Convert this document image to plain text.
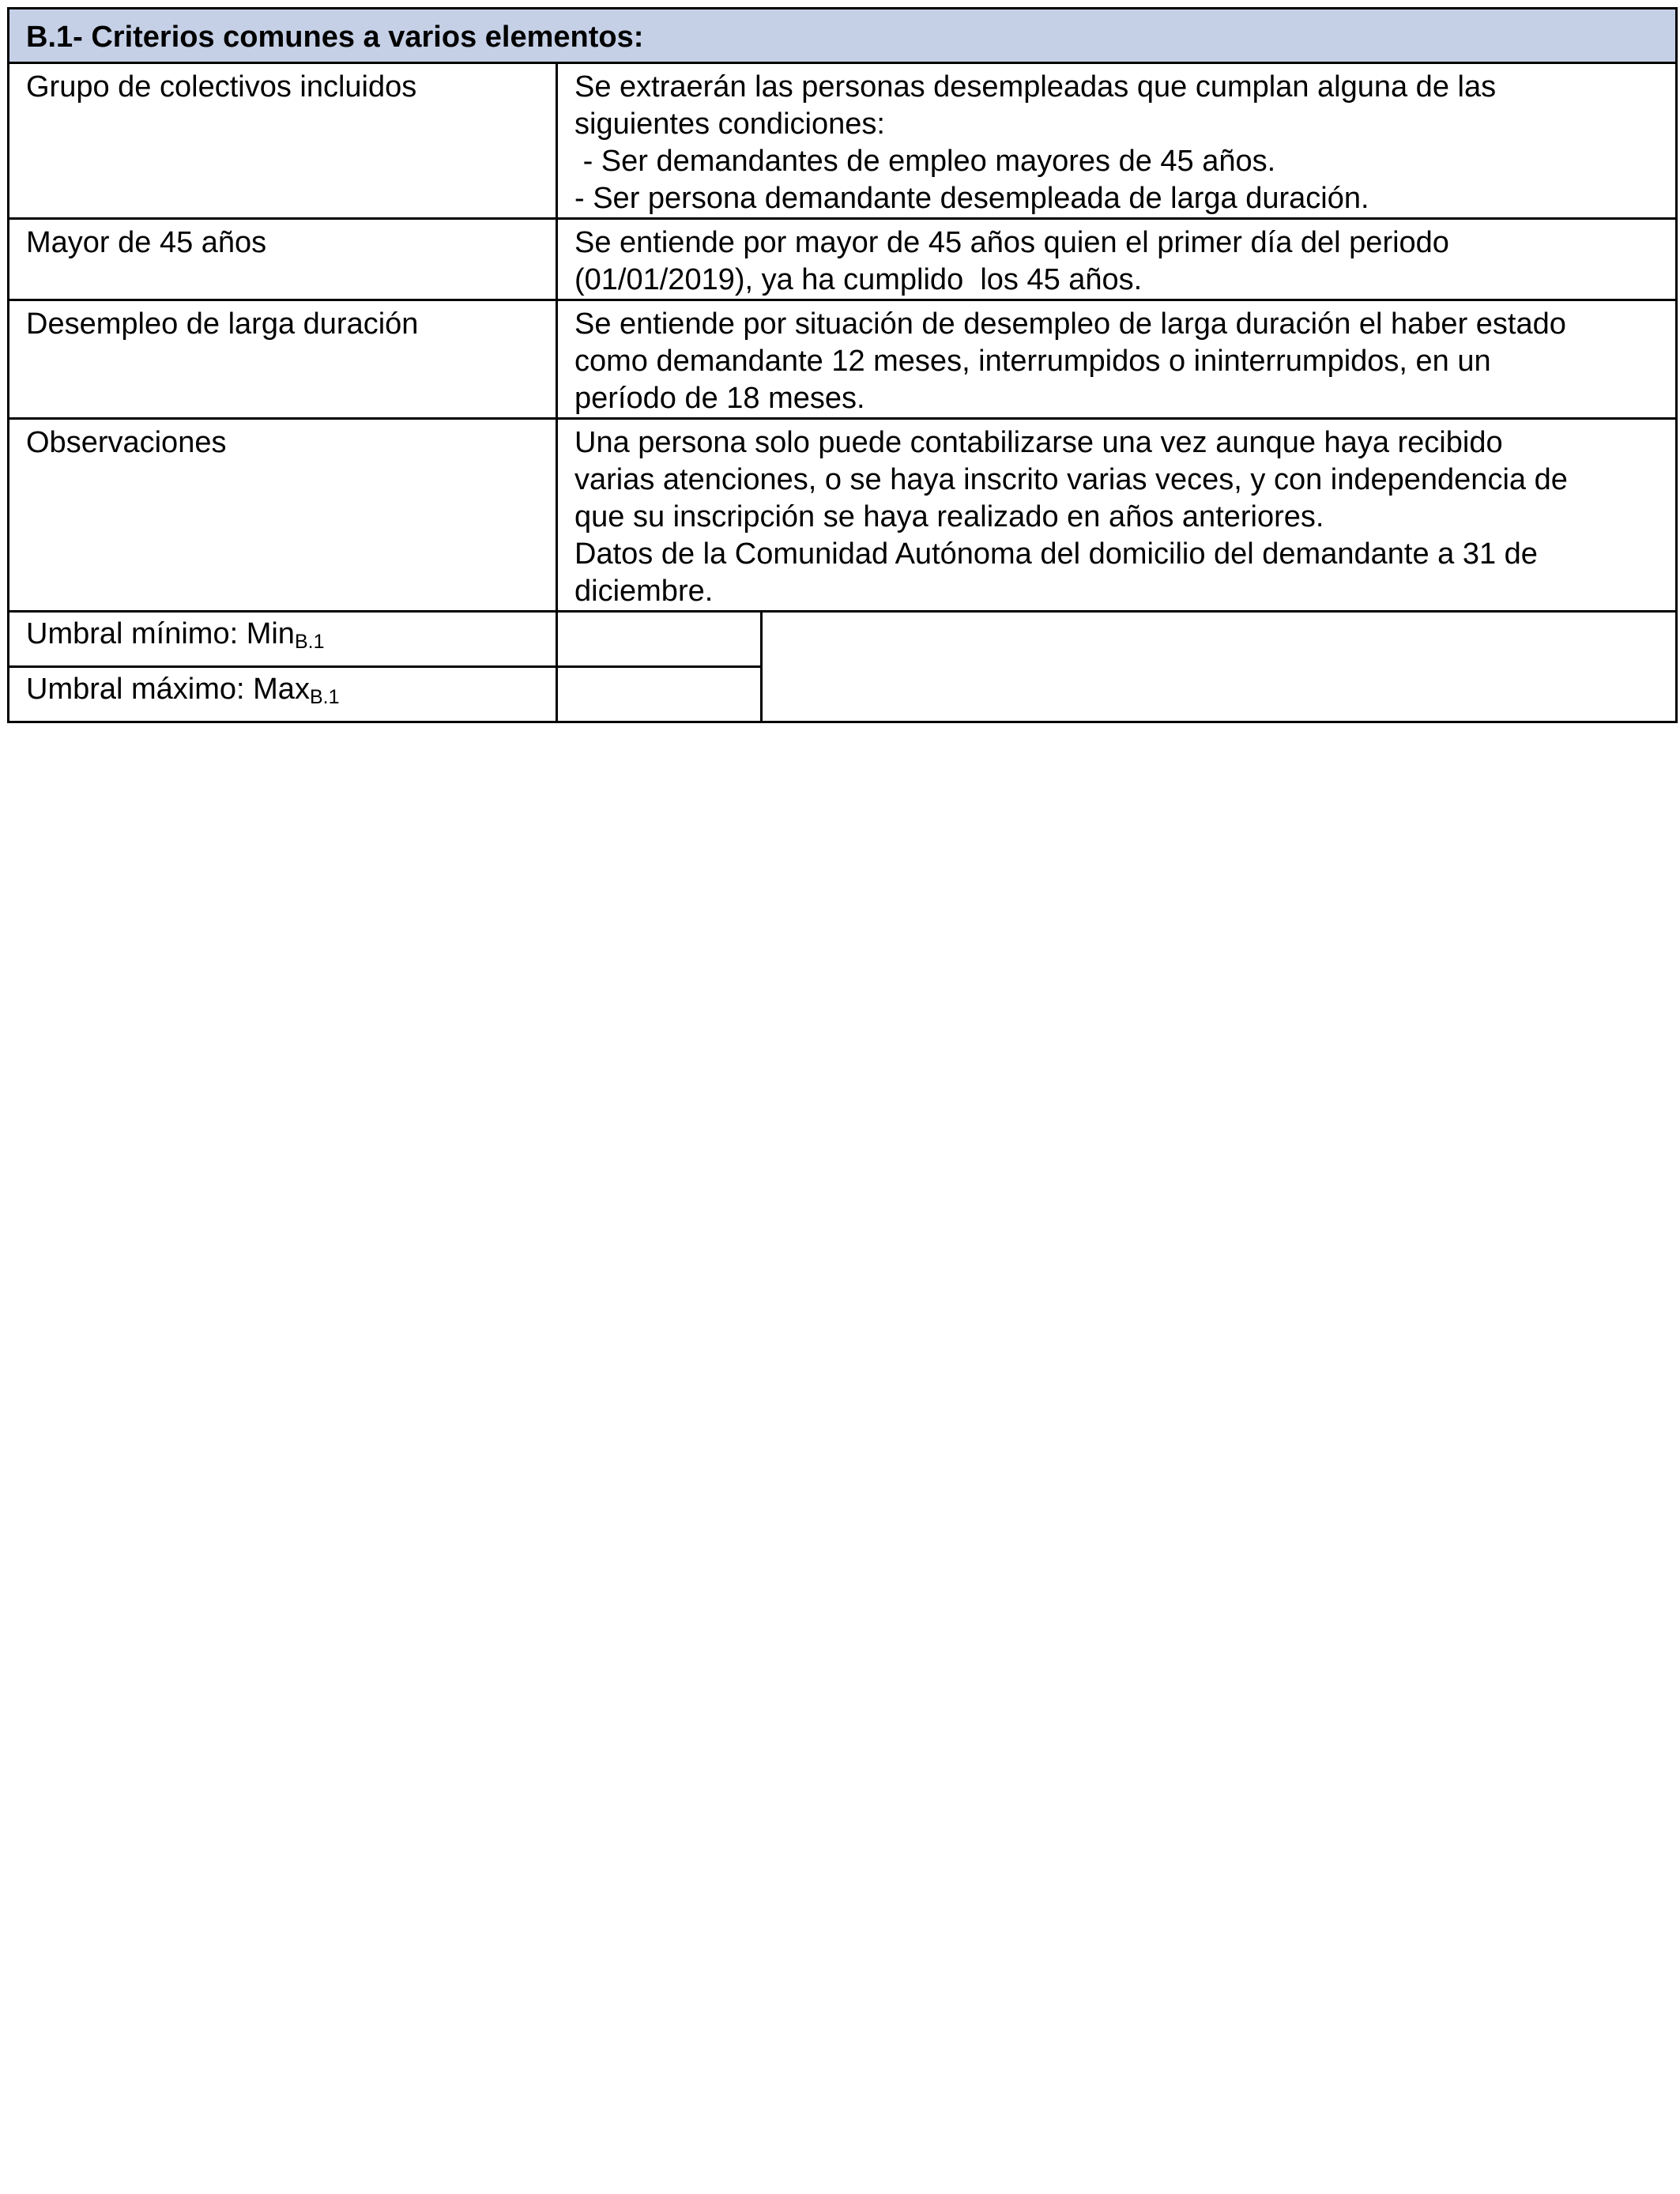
B.1- Criterios comunes a varios elementos:		

Grupo de colectivos incluidos	Se extraerán las personas desempleadas que cumplan alguna de las
siguientes condiciones:
- Ser demandantes de empleo mayores de 45 años.
- Ser persona demandante desempleada de larga duración.	

Mayor de 45 años	Se entiende por mayor de 45 años quien el primer día del periodo
(01/01/2019), ya ha cumplido  los 45 años.	

Desempleo de larga duración	Se entiende por situación de desempleo de larga duración el haber estado
como demandante 12 meses, interrumpidos o ininterrumpidos, en un
período de 18 meses.	

Observaciones	Una persona solo puede contabilizarse una vez aunque haya recibido
varias atenciones, o se haya inscrito varias veces, y con independencia de
que su inscripción se haya realizado en años anteriores.
Datos de la Comunidad Autónoma del domicilio del demandante a 31 de
diciembre.	

Umbral mínimo: MinB.1		
Umbral máximo: MaxB.1		
